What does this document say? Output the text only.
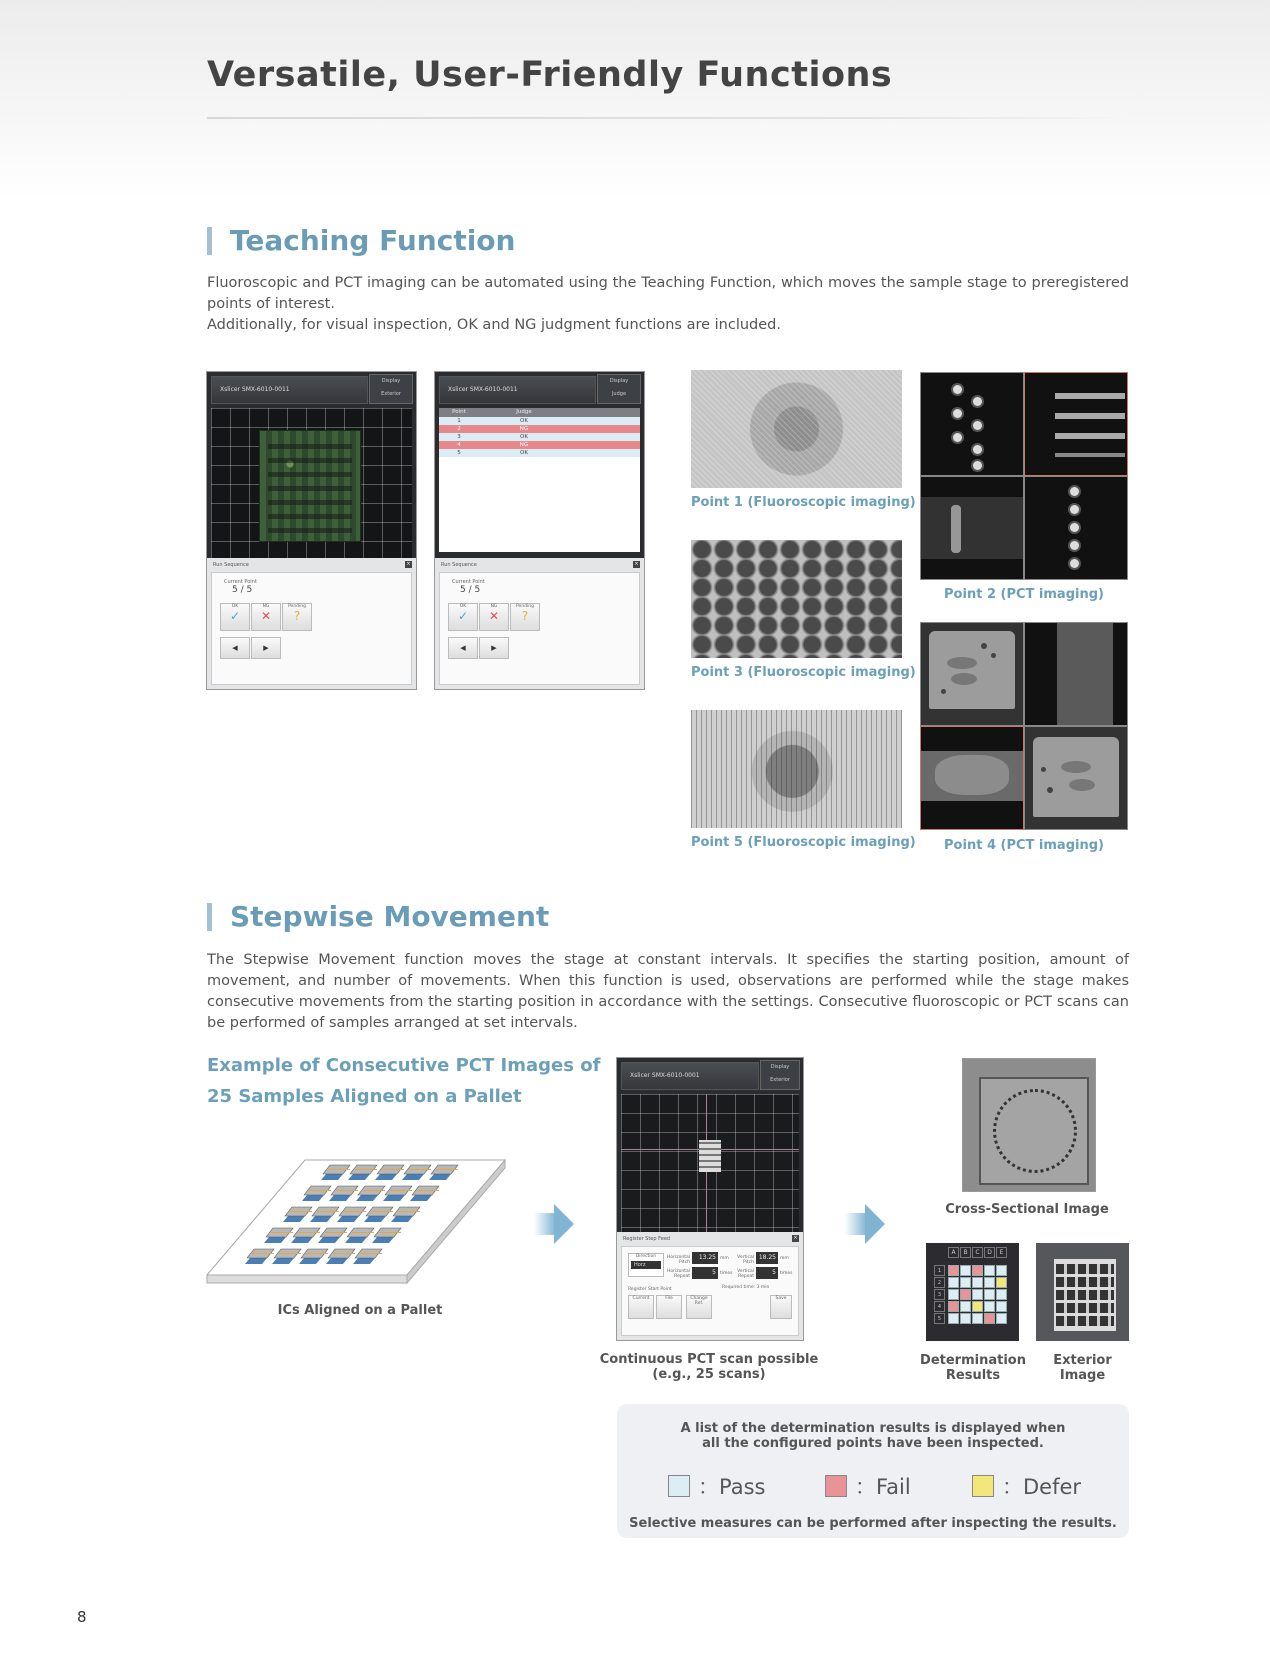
Versatile, User-Friendly Functions
Teaching Function
Fluoroscopic and PCT imaging can be automated using the Teaching Function, which moves the sample stage to preregistered points of interest.
Additionally, for visual inspection, OK and NG judgment functions are included.
Xslicer SMX-6010-0011
Display
Exterior
Run Sequence	×
Current Point
5 / 5
OK
✓
NG
✕
Pending
?
◀	▶
Xslicer SMX-6010-0011
Display
Judge
Point	Judge
1	OK
2	NG
3	OK
4	NG
5	OK
Run Sequence	×
Current Point
5 / 5
OK
✓
NG
✕
Pending
?
◀	▶
Point 1 (Fluoroscopic imaging)
Point 3 (Fluoroscopic imaging)
Point 5 (Fluoroscopic imaging)
Point 2 (PCT imaging)
Point 4 (PCT imaging)
Stepwise Movement
The Stepwise Movement function moves the stage at constant intervals. It specifies the starting position, amount of movement, and number of movements. When this function is used, observations are performed while the stage makes consecutive movements from the starting position in accordance with the settings. Consecutive fluoroscopic or PCT scans can be performed of samples arranged at set intervals.
Example of Consecutive PCT Images of
25 Samples Aligned on a Pallet
ICs Aligned on a Pallet
Xslicer SMX-6010-0001
Display
Exterior
Register Step Feed	×
Direction
Horz
Horizontal Pitch
13.25 mm	Vertical Pitch
18.25 mm
Horizontal Repeat
5 times	Vertical Repeat
5 times
Register Start Point	Required time: 3 min
Current	File	Change Ref.
Save
Continuous PCT scan possible
(e.g., 25 scans)
Cross-Sectional Image
A	B	C	D	E
1
2
3
4
5
Determination
Results
Exterior
Image
A list of the determination results is displayed when
all the configured points have been inspected.
：Pass	：Fail	：Defer
Selective measures can be performed after inspecting the results.
8
